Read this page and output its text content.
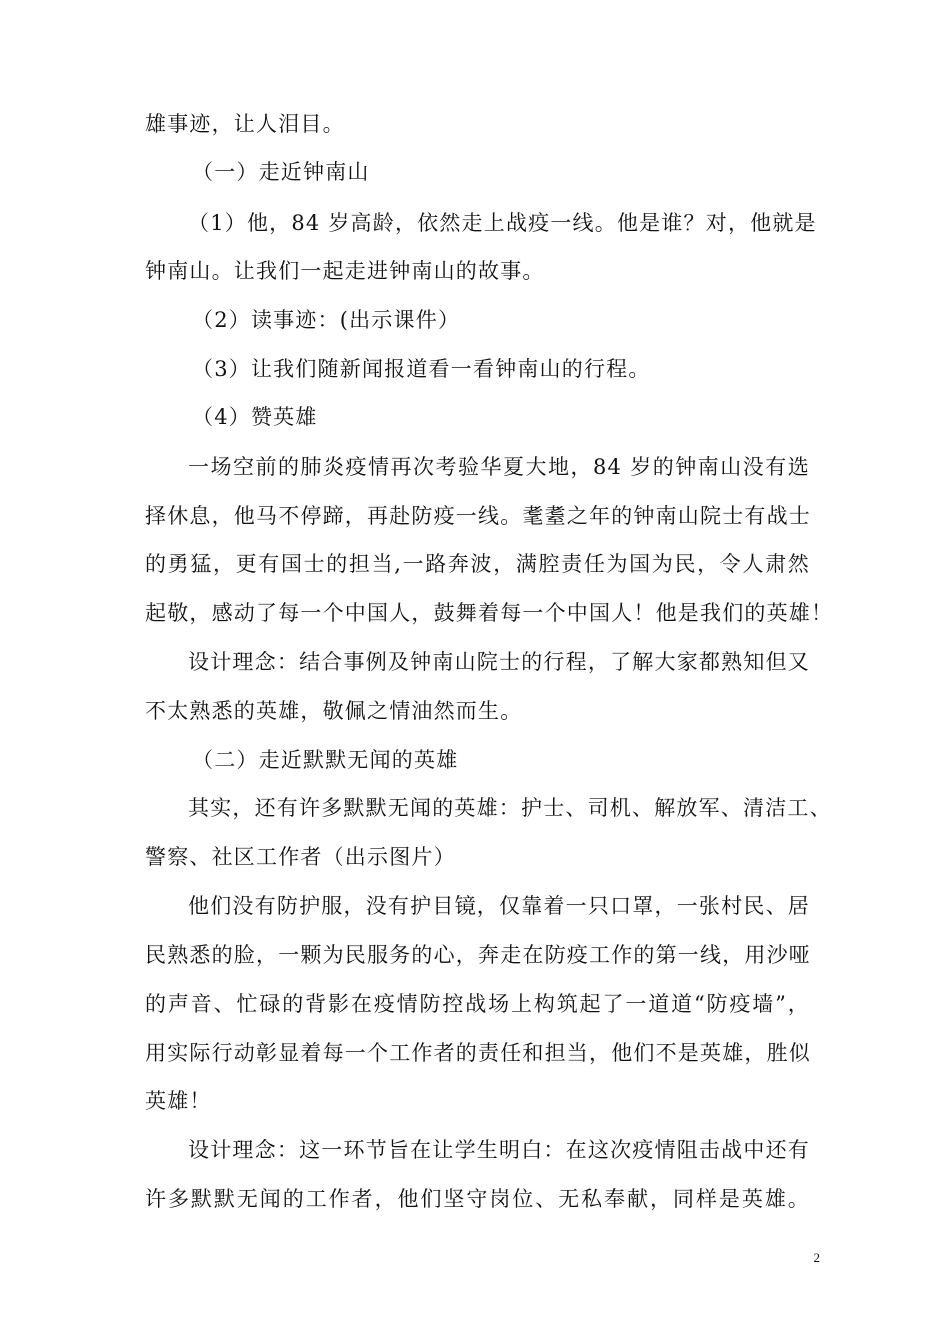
雄事迹，让人泪目。
（一）走近钟南山
（1）他，84 岁高龄，依然走上战疫一线。他是谁？对，他就是
钟南山。让我们一起走进钟南山的故事。
（2）读事迹：(出示课件）
（3）让我们随新闻报道看一看钟南山的行程。
（4）赞英雄
一场空前的肺炎疫情再次考验华夏大地，84 岁的钟南山没有选
择休息，他马不停蹄，再赴防疫一线。耄耋之年的钟南山院士有战士
的勇猛，更有国士的担当,一路奔波，满腔责任为国为民，令人肃然
起敬，感动了每一个中国人，鼓舞着每一个中国人！他是我们的英雄！
设计理念：结合事例及钟南山院士的行程，了解大家都熟知但又
不太熟悉的英雄，敬佩之情油然而生。
（二）走近默默无闻的英雄
其实，还有许多默默无闻的英雄：护士、司机、解放军、清洁工、
警察、社区工作者（出示图片）
他们没有防护服，没有护目镜，仅靠着一只口罩，一张村民、居
民熟悉的脸，一颗为民服务的心，奔走在防疫工作的第一线，用沙哑
的声音、忙碌的背影在疫情防控战场上构筑起了一道道“防疫墙”，
用实际行动彰显着每一个工作者的责任和担当，他们不是英雄，胜似
英雄！
设计理念：这一环节旨在让学生明白：在这次疫情阻击战中还有
许多默默无闻的工作者，他们坚守岗位、无私奉献，同样是英雄。
2
